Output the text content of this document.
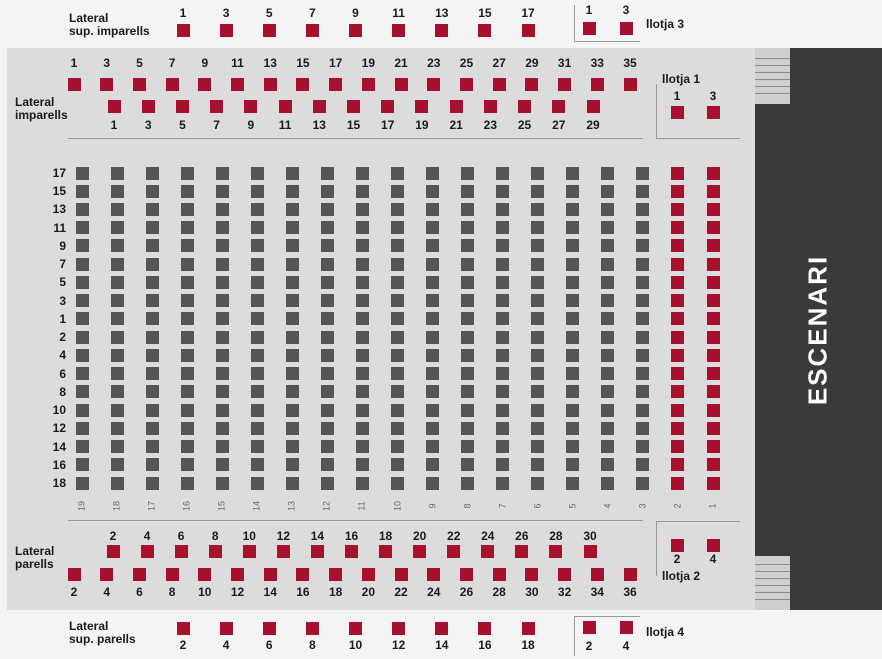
ESCENARI
Lateral
sup. imparells
Lateral
imparells
Lateral
parells
Lateral
sup. parells
llotja 3
llotja 1
llotja 2
llotja 4
1	3	5	7	9	11	13 15 17
1 3 5 7 9 11 13 15 17 19 21 23 25 27 29 31 33 35
1 3 5 7 9 11 13 15 17 19 21 23 25 27 29
17
15
13
11
9
7
5
3
1
2
4
6
8
10
12
14
16
18
19	18	17	16	15	14	13	12	11	10	9	8	7	6	5	4	3	2	1
2 4 6 8 10 12 14 16 18 20 22 24 26 28 30
2 4 6 8 10 12 14 16 18 20 22 24 26 28 30 32 34 36
2	4	6	8	10 12 14 16 18
1	3
1 3
2 4
2	4
